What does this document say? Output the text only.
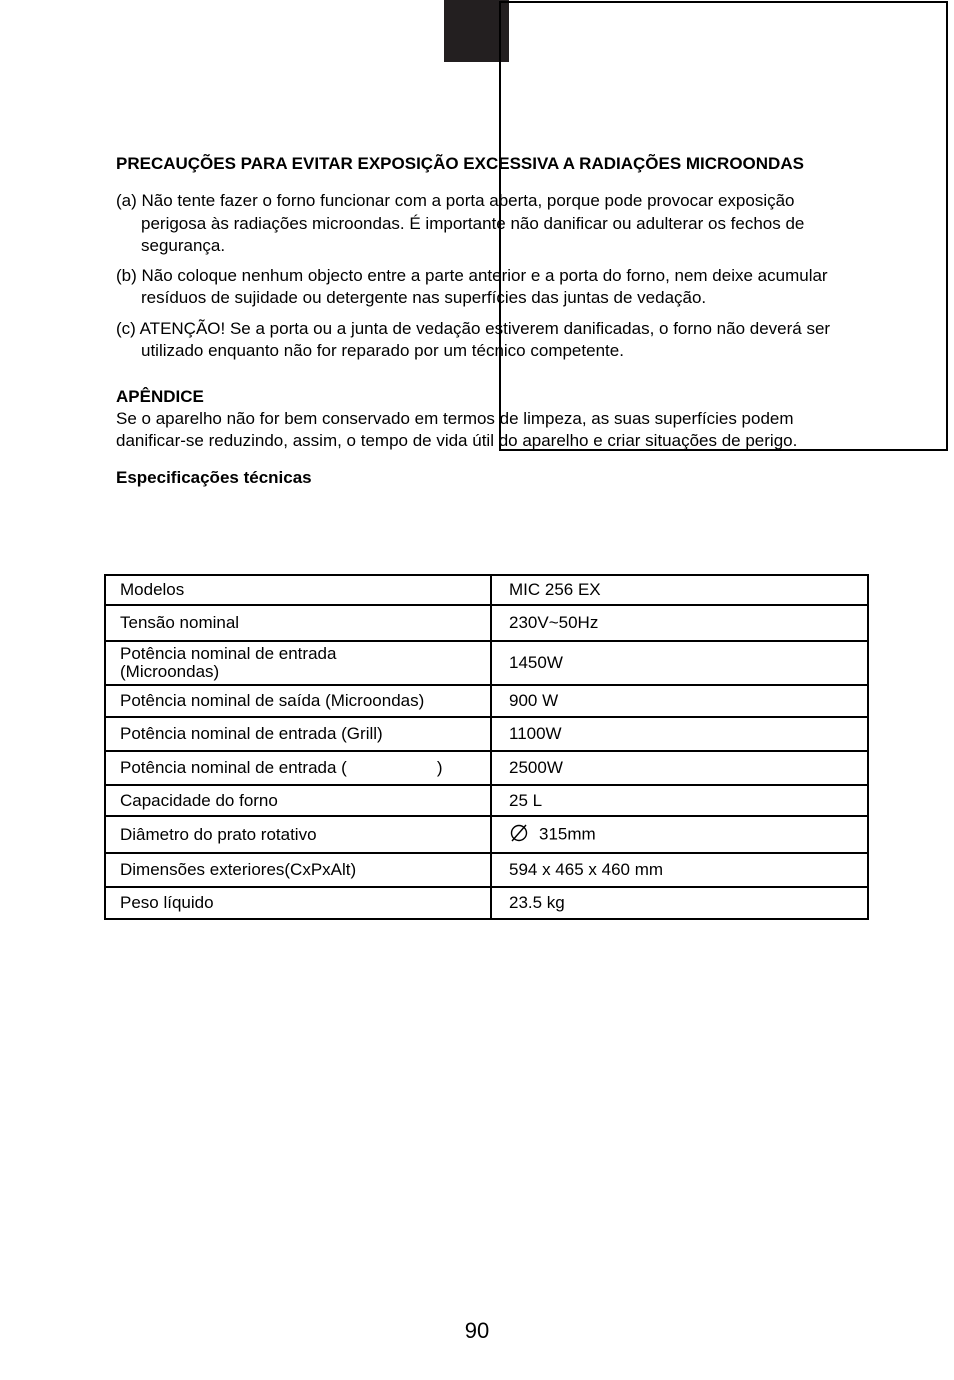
PRECAUÇÕES PARA EVITAR EXPOSIÇÃO EXCESSIVA A RADIAÇÕES MICROONDAS

(a) Não tente fazer o forno funcionar com a porta aberta, porque pode provocar exposição perigosa às radiações microondas. É importante não danificar ou adulterar os fechos de segurança.

(b) Não coloque nenhum objecto entre a parte anterior e a porta do forno, nem deixe acumular resíduos de sujidade ou detergente nas superfícies das juntas de vedação.

(c) ATENÇÃO! Se a porta ou a junta de vedação estiverem danificadas, o forno não deverá ser utilizado enquanto não for reparado por um técnico competente.

APÊNDICE

Se o aparelho não for bem conservado em termos de limpeza, as suas superfícies podem danificar-se reduzindo, assim, o tempo de vida útil do aparelho e criar situações de perigo.

Especificações técnicas

Modelos	MIC 256 EX
Tensão nominal	230V~50Hz
Potência nominal de entrada (Microondas)	1450W
Potência nominal de saída (Microondas)	900 W
Potência nominal de entrada (Grill)	1100W
Potência nominal de entrada ( )	2500W
Capacidade do forno	25 L
Diâmetro do prato rotativo	315mm
Dimensões exteriores(CxPxAlt)	594 x 465 x 460 mm
Peso líquido	23.5 kg
90
